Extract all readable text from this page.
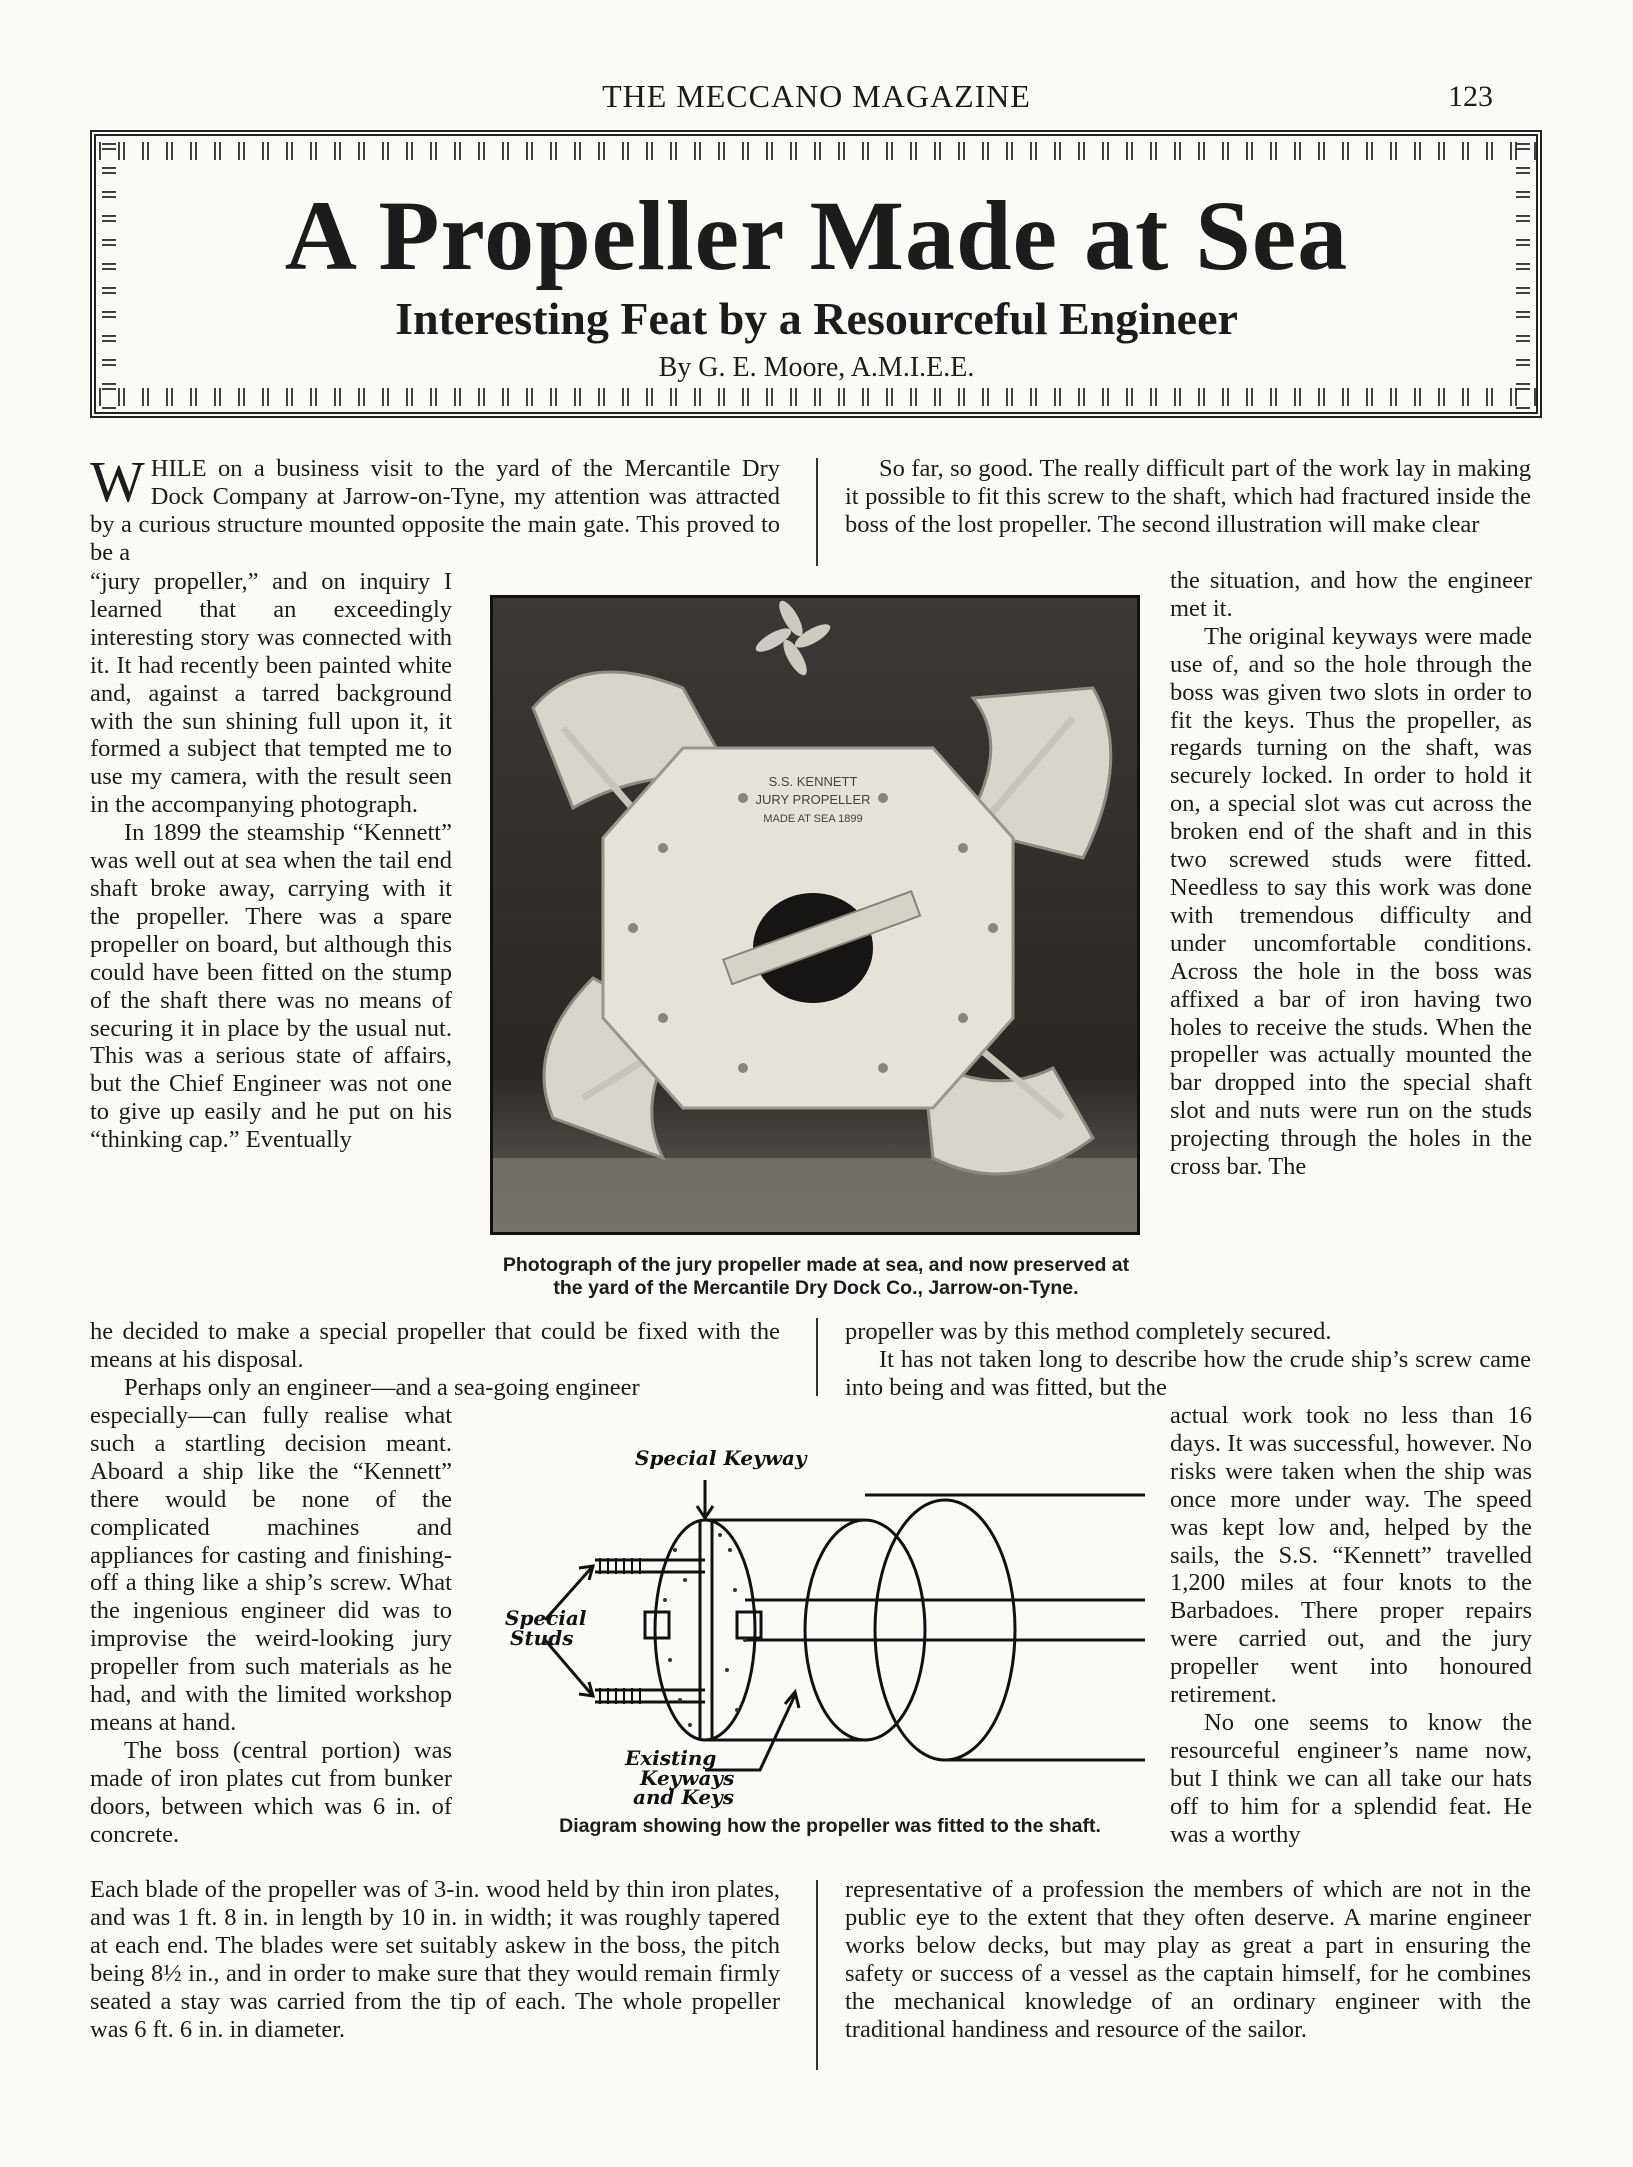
THE MECCANO MAGAZINE	123
A Propeller Made at Sea
Interesting Feat by a Resourceful Engineer
By G. E. Moore, A.M.I.E.E.

WHILE on a business visit to the yard of the Mercantile Dry Dock Company at Jarrow-on-Tyne, my attention was attracted by a curious structure mounted opposite the main gate. This proved to be a

“jury propeller,” and on inquiry I learned that an exceedingly interesting story was connected with it. It had recently been painted white and, against a tarred background with the sun shining full upon it, it formed a subject that tempted me to use my camera, with the result seen in the accompanying photograph.

In 1899 the steamship “Kennett” was well out at sea when the tail end shaft broke away, carrying with it the propeller. There was a spare propeller on board, but although this could have been fitted on the stump of the shaft there was no means of securing it in place by the usual nut. This was a serious state of affairs, but the Chief Engineer was not one to give up easily and he put on his “thinking cap.” Eventually

he decided to make a special propeller that could be fixed with the means at his disposal.

Perhaps only an engineer—and a sea-going engineer

especially—can fully realise what such a startling decision meant. Aboard a ship like the “Kennett” there would be none of the complicated machines and appliances for casting and finishing-off a thing like a ship’s screw. What the ingenious engineer did was to improvise the weird-looking jury propeller from such materials as he had, and with the limited workshop means at hand.

The boss (central portion) was made of iron plates cut from bunker doors, between which was 6 in. of concrete.

Each blade of the propeller was of 3-in. wood held by thin iron plates, and was 1 ft. 8 in. in length by 10 in. in width; it was roughly tapered at each end. The blades were set suitably askew in the boss, the pitch being 8½ in., and in order to make sure that they would remain firmly seated a stay was carried from the tip of each. The whole propeller was 6 ft. 6 in. in diameter.

So far, so good. The really difficult part of the work lay in making it possible to fit this screw to the shaft, which had fractured inside the boss of the lost propeller. The second illustration will make clear

the situation, and how the engineer met it.

The original keyways were made use of, and so the hole through the boss was given two slots in order to fit the keys. Thus the propeller, as regards turning on the shaft, was securely locked. In order to hold it on, a special slot was cut across the broken end of the shaft and in this two screwed studs were fitted. Needless to say this work was done with tremendous difficulty and under uncomfortable conditions. Across the hole in the boss was affixed a bar of iron having two holes to receive the studs. When the propeller was actually mounted the bar dropped into the special shaft slot and nuts were run on the studs projecting through the holes in the cross bar. The

propeller was by this method completely secured.

It has not taken long to describe how the crude ship’s screw came into being and was fitted, but the

actual work took no less than 16 days. It was successful, however. No risks were taken when the ship was once more under way. The speed was kept low and, helped by the sails, the S.S. “Kennett” travelled 1,200 miles at four knots to the Barbadoes. There proper repairs were carried out, and the jury propeller went into honoured retirement.

No one seems to know the resourceful engineer’s name now, but I think we can all take our hats off to him for a splendid feat. He was a worthy

representative of a profession the members of which are not in the public eye to the extent that they often deserve. A marine engineer works below decks, but may play as great a part in ensuring the safety or success of a vessel as the captain himself, for he combines the mechanical knowledge of an ordinary engineer with the traditional handiness and resource of the sailor.

S.S. KENNETT
JURY PROPELLER
MADE AT SEA 1899
Photograph of the jury propeller made at sea, and now preserved at the yard of the Mercantile Dry Dock Co., Jarrow-on-Tyne.
Special Keyway
Special
Studs
Existing
Keyways
and Keys
Diagram showing how the propeller was fitted to the shaft.
